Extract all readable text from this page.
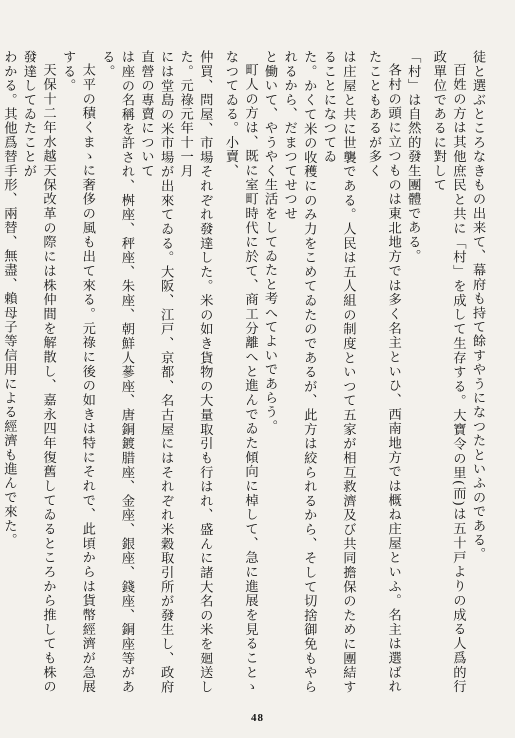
徒と選ぶところなきもの出来て、幕府も持て餘すやうになつたといふのである。
百姓の方は其他庶民と共に「村」を成して生存する。大寶令の里(而)は五十戸よりの成る人爲的行政單位であるに對して
「村」は自然的發生團體である。
各村の頭に立つものは東北地方では多く名主といひ、西南地方では概ね庄屋といふ。名主は選ばれたこともあるが多く
は庄屋と共に世襲である。人民は五人組の制度といつて五家が相互救濟及び共同擔保のために團結することになつてゐ
た。かくて米の收穫にのみ力をこめてゐたのであるが、此方は絞られるから、そして切捨御免もやられるから、だまつてせつせ
と働いて、やうやく生活をしてゐたと考へてよいであらう。
町人の方は、既に室町時代に於て、商工分離へと進んでゐた傾向に棹して、急に進展を見ることゝなつてゐる。小賣、
仲買、問屋、市場それぞれ發達した。米の如き貨物の大量取引も行はれ、盛んに諸大名の米を廻送した。元祿元年十一月
には堂島の米市場が出來てゐる。大阪、江戸、京都、名古屋にはそれぞれ米穀取引所が發生し、政府直營の專賣について
は座の名稱を許され、桝座、秤座、朱座、朝鮮人蔘座、唐銅鍍腊座、金座、銀座、錢座、銅座等がある。
太平の積くまゝに奢侈の風も出て來る。元祿に後の如きは特にそれで、此頃からは貨幣經濟が急展する。
天保十二年水越天保改革の際には株仲間を解散し、嘉永四年復舊してゐるところから推しても株の發達してゐたことが
わかる。其他爲替手形、兩替、無盡、賴母子等信用による經濟も進んで來た。
48
